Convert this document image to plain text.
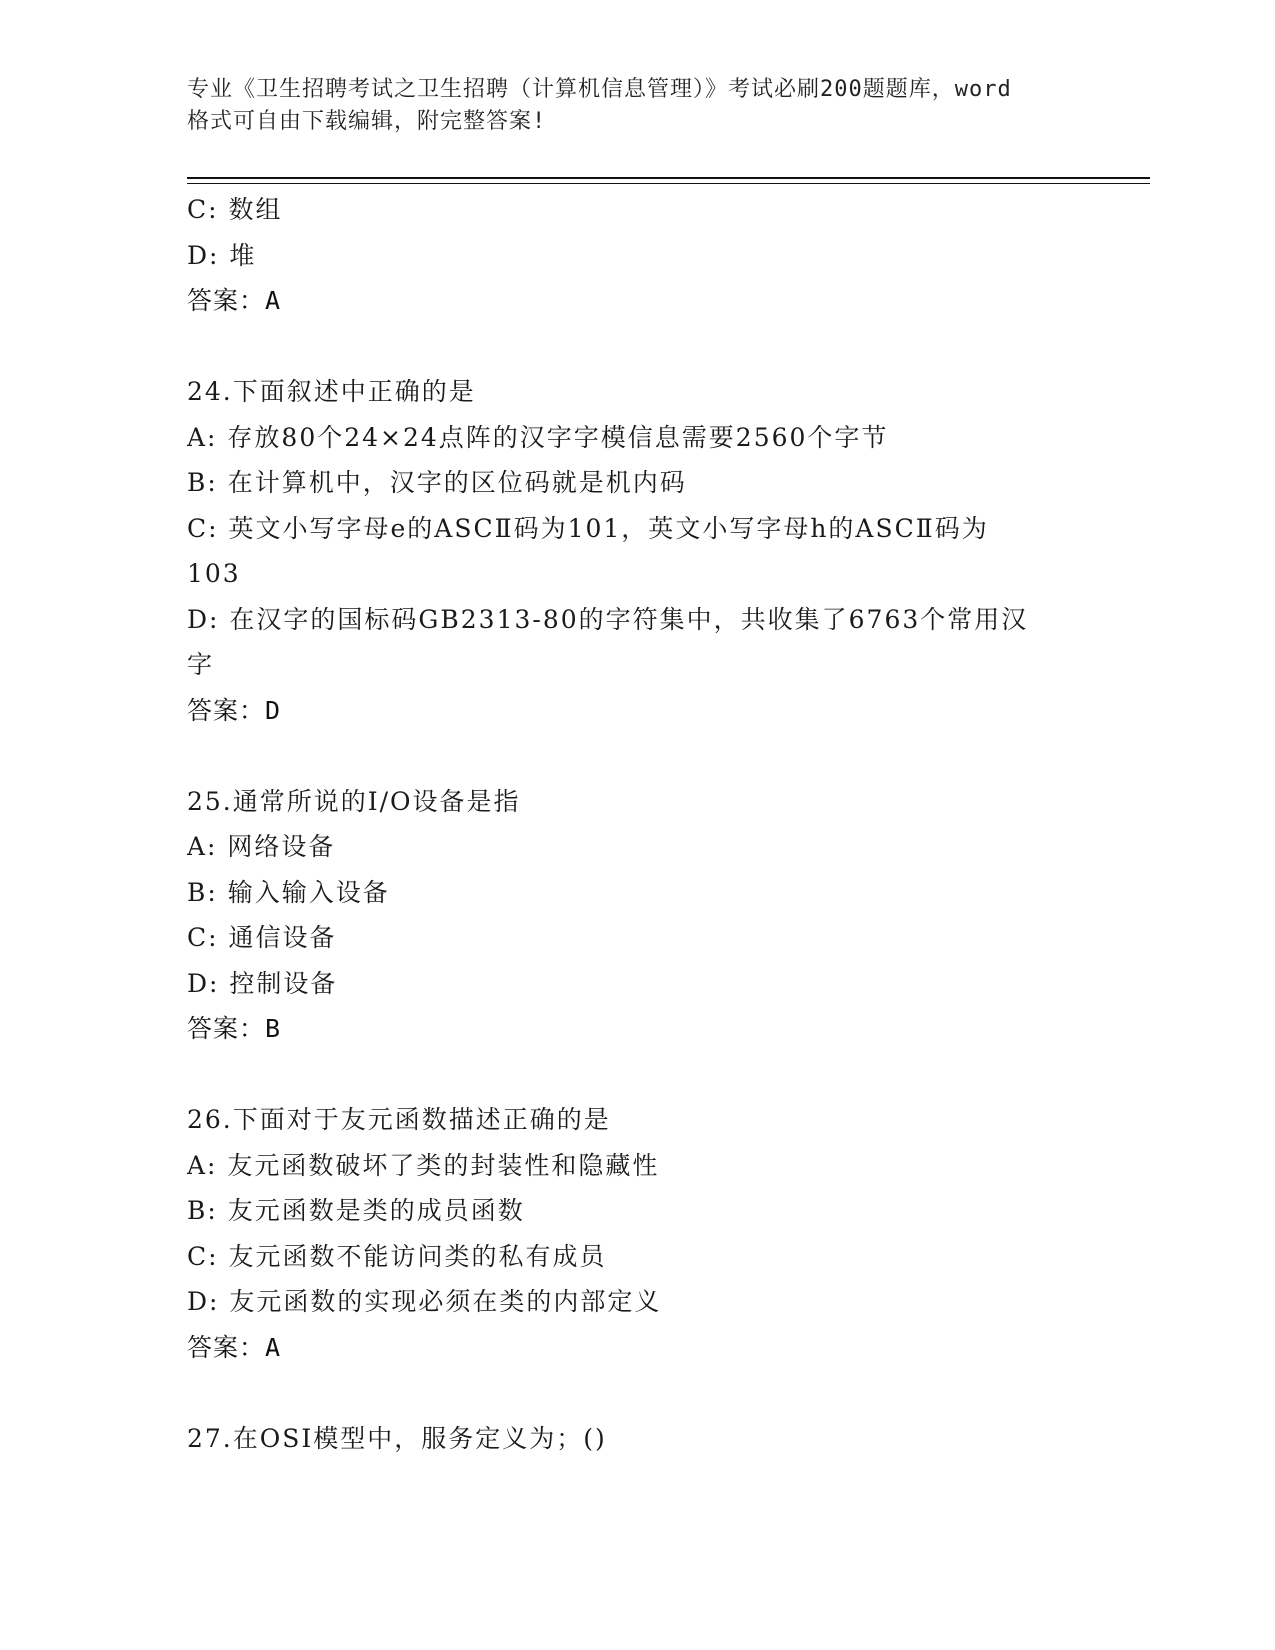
专业《卫生招聘考试之卫生招聘（计算机信息管理）》考试必刷200题题库，word
格式可自由下载编辑，附完整答案!
C: 数组
D: 堆
答案：A
24.下面叙述中正确的是
A: 存放80个24×24点阵的汉字字模信息需要2560个字节
B: 在计算机中，汉字的区位码就是机内码
C: 英文小写字母e的ASCⅡ码为101，英文小写字母h的ASCⅡ码为
103
D: 在汉字的国标码GB2313-80的字符集中，共收集了6763个常用汉
字
答案：D
25.通常所说的I/O设备是指
A: 网络设备
B: 输入输入设备
C: 通信设备
D: 控制设备
答案：B
26.下面对于友元函数描述正确的是
A: 友元函数破坏了类的封装性和隐藏性
B: 友元函数是类的成员函数
C: 友元函数不能访问类的私有成员
D: 友元函数的实现必须在类的内部定义
答案：A
27.在OSI模型中，服务定义为；()
